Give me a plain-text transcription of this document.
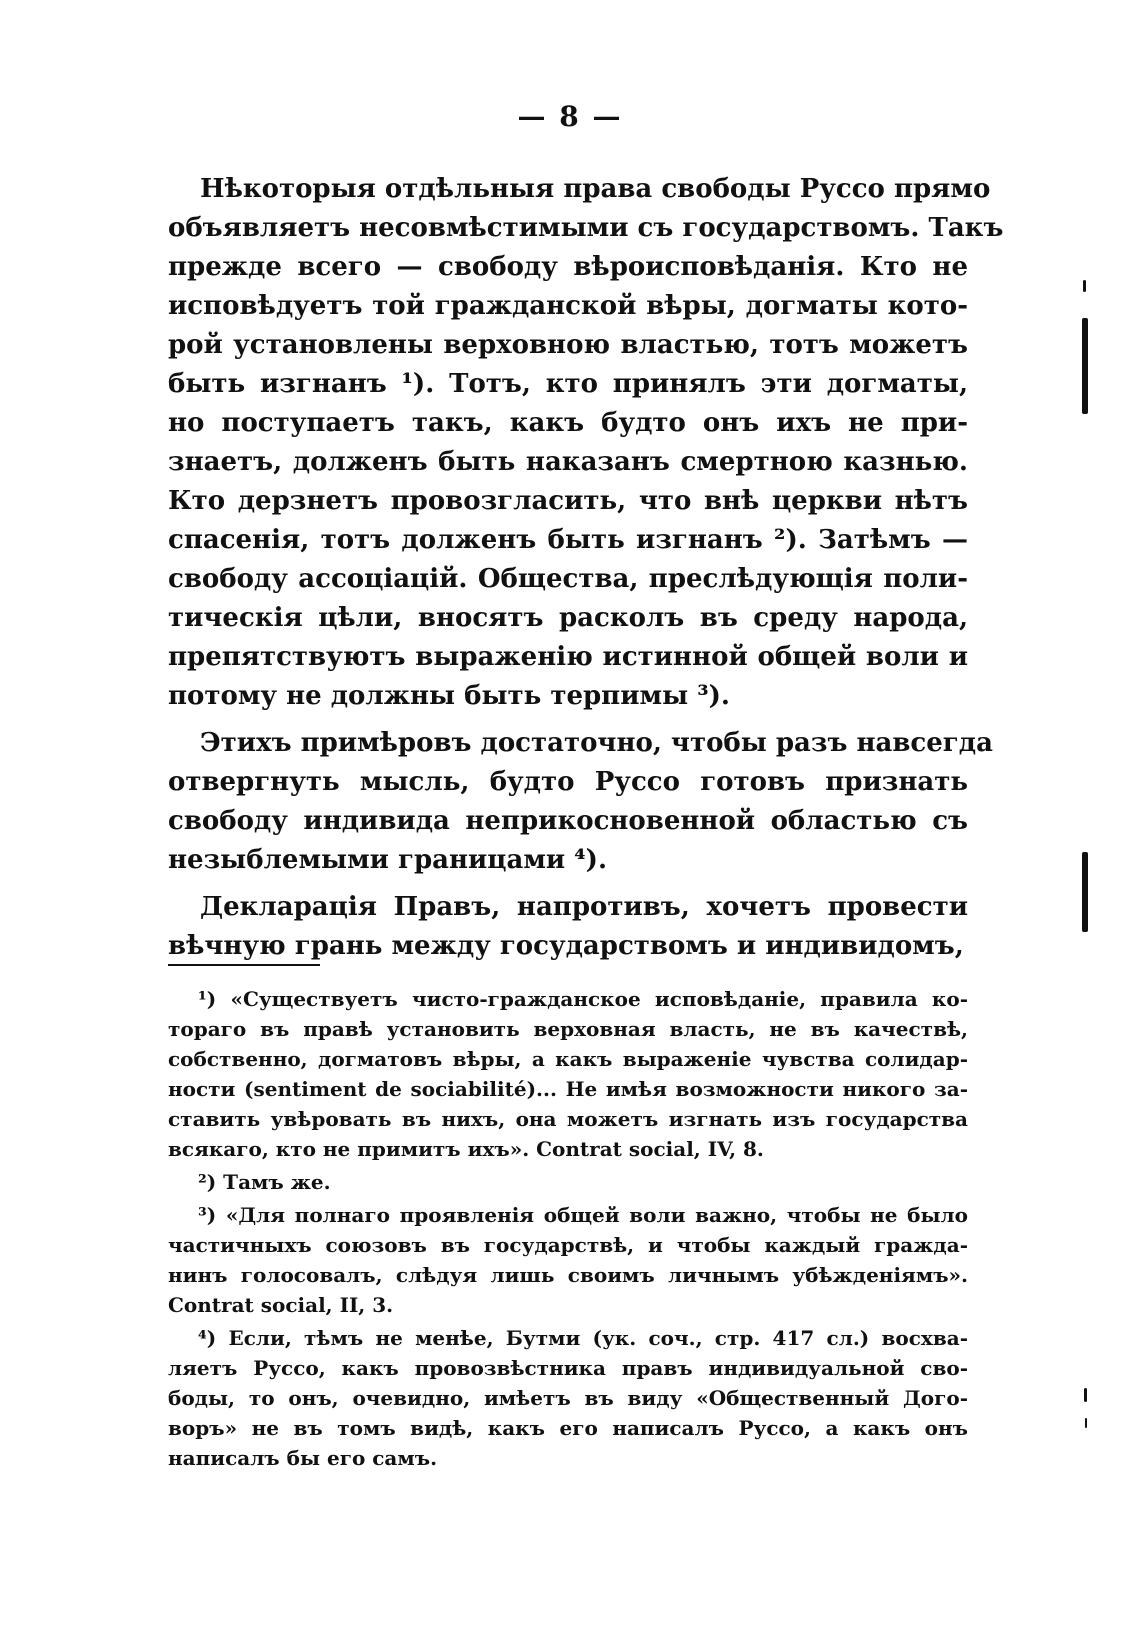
— 8 —
Нѣкоторыя отдѣльныя права свободы Руссо прямо
объявляетъ несовмѣстимыми съ государствомъ. Такъ
прежде всего — свободу вѣроисповѣданія. Кто не
исповѣдуетъ той гражданской вѣры, догматы кото-
рой установлены верховною властью, тотъ можетъ
быть изгнанъ ¹). Тотъ, кто принялъ эти догматы,
но поступаетъ такъ, какъ будто онъ ихъ не при-
знаетъ, долженъ быть наказанъ смертною казнью.
Кто дерзнетъ провозгласить, что внѣ церкви нѣтъ
спасенія, тотъ долженъ быть изгнанъ ²). Затѣмъ —
свободу ассоціацій. Общества, преслѣдующія поли-
тическія цѣли, вносятъ расколъ въ среду народа,
препятствуютъ выраженію истинной общей воли и
потому не должны быть терпимы ³).
Этихъ примѣровъ достаточно, чтобы разъ навсегда
отвергнуть мысль, будто Руссо готовъ признать
свободу индивида неприкосновенной областью съ
незыблемыми границами ⁴).
Декларація Правъ, напротивъ, хочетъ провести
вѣчную грань между государствомъ и индивидомъ,
¹) «Существуетъ чисто-гражданское исповѣданіе, правила ко-
тораго въ правѣ установить верховная власть, не въ качествѣ,
собственно, догматовъ вѣры, а какъ выраженіе чувства солидар-
ности (sentiment de sociabilité)... Не имѣя возможности никого за-
ставить увѣровать въ нихъ, она можетъ изгнать изъ государства
всякаго, кто не примитъ ихъ». Contrat social, IV, 8.
²) Тамъ же.
³) «Для полнаго проявленія общей воли важно, чтобы не было
частичныхъ союзовъ въ государствѣ, и чтобы каждый гражда-
нинъ голосовалъ, слѣдуя лишь своимъ личнымъ убѣжденіямъ».
Contrat social, II, 3.
⁴) Если, тѣмъ не менѣе, Бутми (ук. соч., стр. 417 сл.) восхва-
ляетъ Руссо, какъ провозвѣстника правъ индивидуальной сво-
боды, то онъ, очевидно, имѣетъ въ виду «Общественный Дого-
воръ» не въ томъ видѣ, какъ его написалъ Руссо, а какъ онъ
написалъ бы его самъ.
